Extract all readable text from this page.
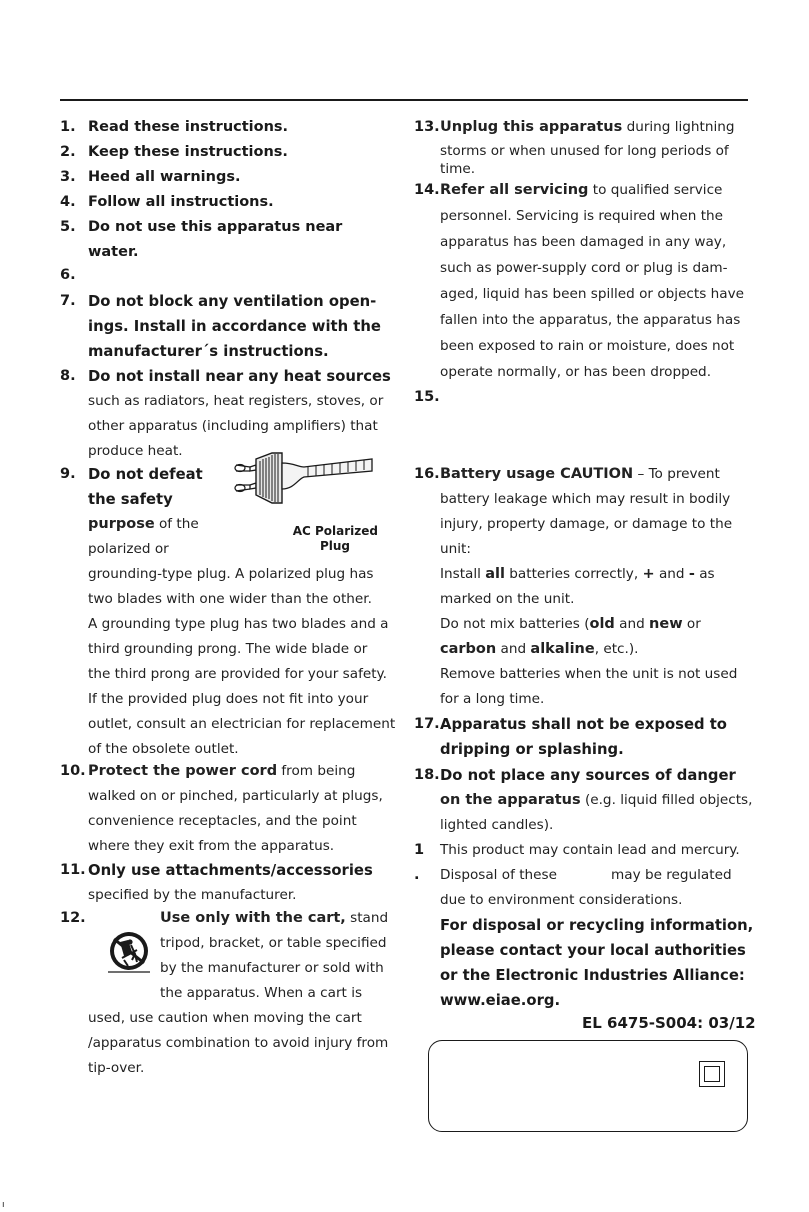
1. Read these instructions.
2. Keep these instructions.
3. Heed all warnings.
4. Follow all instructions.
5. Do not use this apparatus near
water.
6.
7. Do not block any ventilation open-
ings. Install in accordance with the
manufacturer´s instructions.
8. Do not install near any heat sources
such as radiators, heat registers, stoves, or
other apparatus (including amplifiers) that
produce heat.
9. Do not defeat
the safety
purpose of the
polarized or
grounding-type plug. A polarized plug has
two blades with one wider than the other.
A grounding type plug has two blades and a
third grounding prong. The wide blade or
the third prong are provided for your safety.
If the provided plug does not fit into your
outlet, consult an electrician for replacement
of the obsolete outlet.
AC Polarized
Plug
10. Protect the power cord from being
walked on or pinched, particularly at plugs,
convenience receptacles, and the point
where they exit from the apparatus.
11. Only use attachments/accessories
specified by the manufacturer.
12.	Use only with the cart, stand
tripod, bracket, or table specified
by the manufacturer or sold with
the apparatus. When a cart is
used, use caution when moving the cart
/apparatus combination to avoid injury from
tip-over.
13. Unplug this apparatus during lightning
storms or when unused for long periods of
time.
14. Refer all servicing to qualified service
personnel. Servicing is required when the
apparatus has been damaged in any way,
such as power-supply cord or plug is dam-
aged, liquid has been spilled or objects have
fallen into the apparatus, the apparatus has
been exposed to rain or moisture, does not
operate normally, or has been dropped.
15.
16. Battery usage CAUTION – To prevent
battery leakage which may result in bodily
injury, property damage, or damage to the
unit:
Install all batteries correctly, + and - as
marked on the unit.
Do not mix batteries (old and new or
carbon and alkaline, etc.).
Remove batteries when the unit is not used
for a long time.
17. Apparatus shall not be exposed to
dripping or splashing.
18. Do not place any sources of danger
on the apparatus (e.g. liquid filled objects,
lighted candles).
1 .
This product may contain lead and mercury.
Disposal of these	may be regulated
due to environment considerations.
For disposal or recycling information,
please contact your local authorities
or the Electronic Industries Alliance:
www.eiae.org.
EL 6475-S004: 03/12
ı
